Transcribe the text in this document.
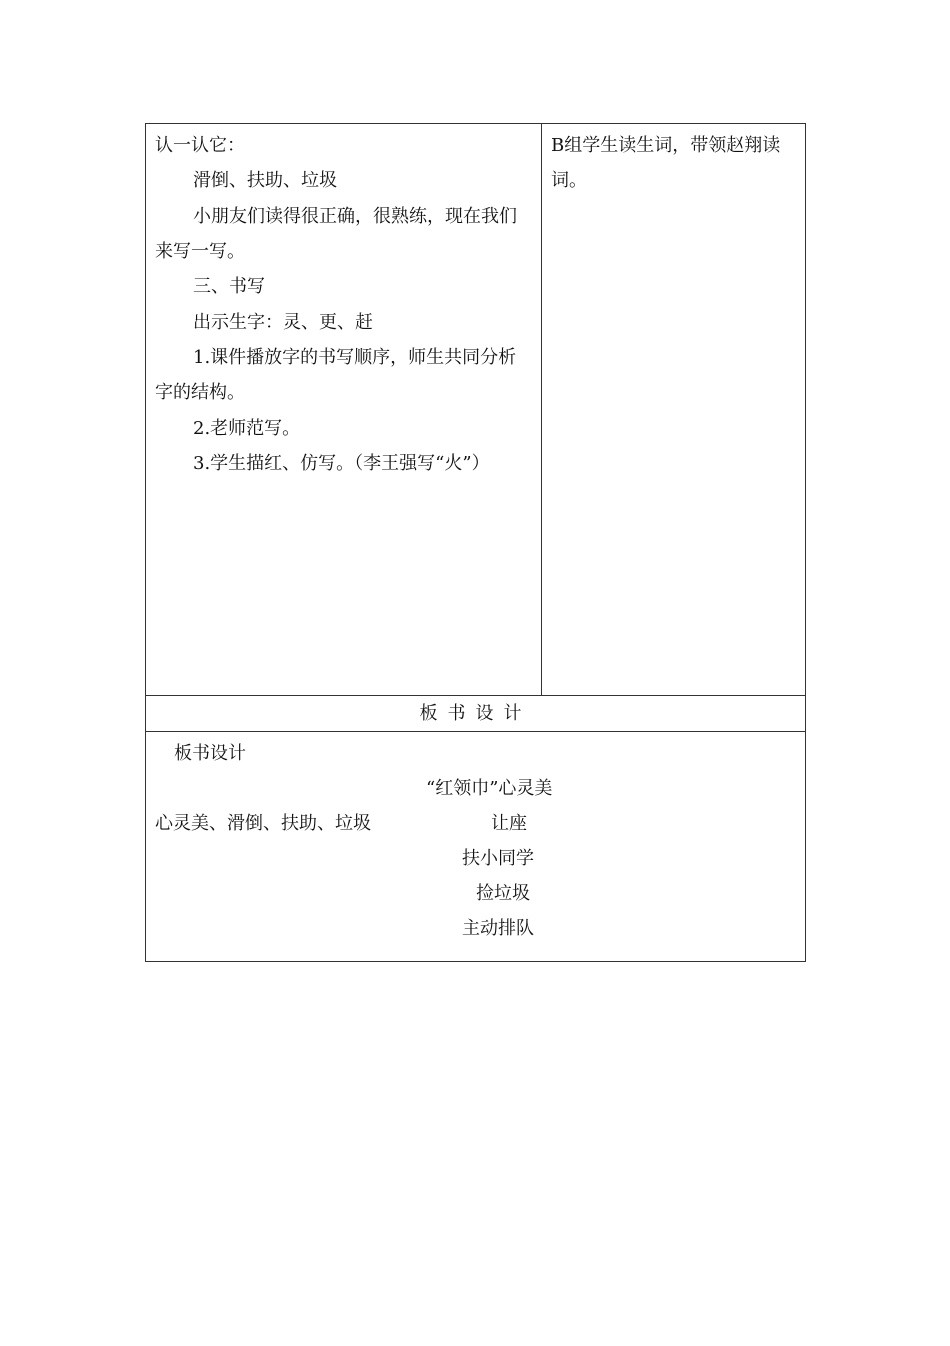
认一认它：
滑倒、扶助、垃圾
小朋友们读得很正确，很熟练，现在我们
来写一写。
三、书写
出示生字：灵、更、赶
1.课件播放字的书写顺序，师生共同分析
字的结构。
2.老师范写。
3.学生描红、仿写。（李王强写“火”）
B组学生读生词，带领赵翔读
词。
板书设计
板书设计
“红领巾”心灵美
心灵美、滑倒、扶助、垃圾	让座
扶小同学
捡垃圾
主动排队
